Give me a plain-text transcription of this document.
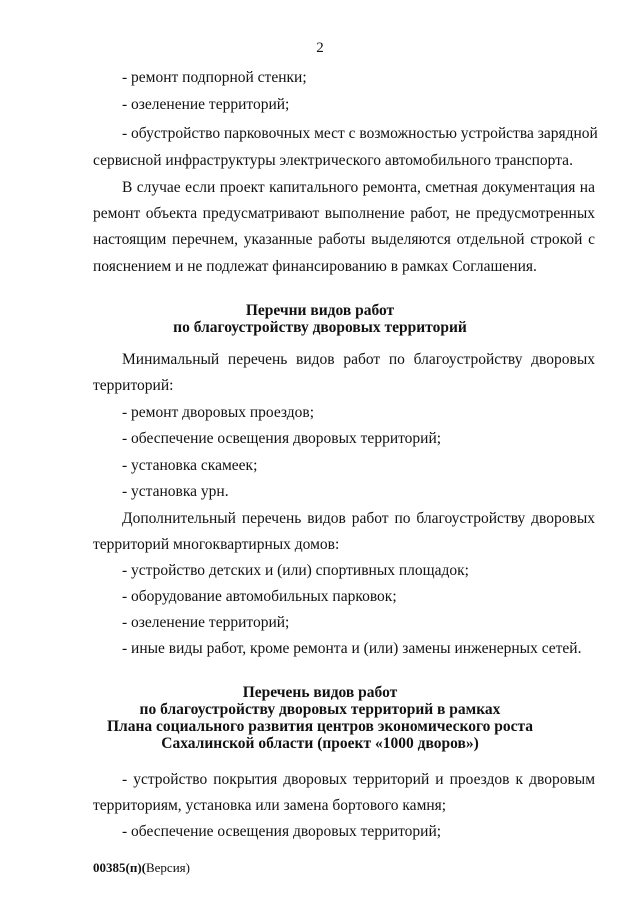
2
- ремонт подпорной стенки;
- озеленение территорий;
- обустройство парковочных мест с возможностью устройства зарядной
сервисной инфраструктуры электрического автомобильного транспорта.
В случае если проект капитального ремонта, сметная документация на
ремонт объекта предусматривают выполнение работ, не предусмотренных
настоящим перечнем, указанные работы выделяются отдельной строкой с
пояснением и не подлежат финансированию в рамках Соглашения.
Перечни видов работ
по благоустройству дворовых территорий
Минимальный перечень видов работ по благоустройству дворовых
территорий:
- ремонт дворовых проездов;
- обеспечение освещения дворовых территорий;
- установка скамеек;
- установка урн.
Дополнительный перечень видов работ по благоустройству дворовых
территорий многоквартирных домов:
- устройство детских и (или) спортивных площадок;
- оборудование автомобильных парковок;
- озеленение территорий;
- иные виды работ, кроме ремонта и (или) замены инженерных сетей.
Перечень видов работ
по благоустройству дворовых территорий в рамках
Плана социального развития центров экономического роста
Сахалинской области (проект «1000 дворов»)
- устройство покрытия дворовых территорий и проездов к дворовым
территориям, установка или замена бортового камня;
- обеспечение освещения дворовых территорий;
00385(п)(Версия)
